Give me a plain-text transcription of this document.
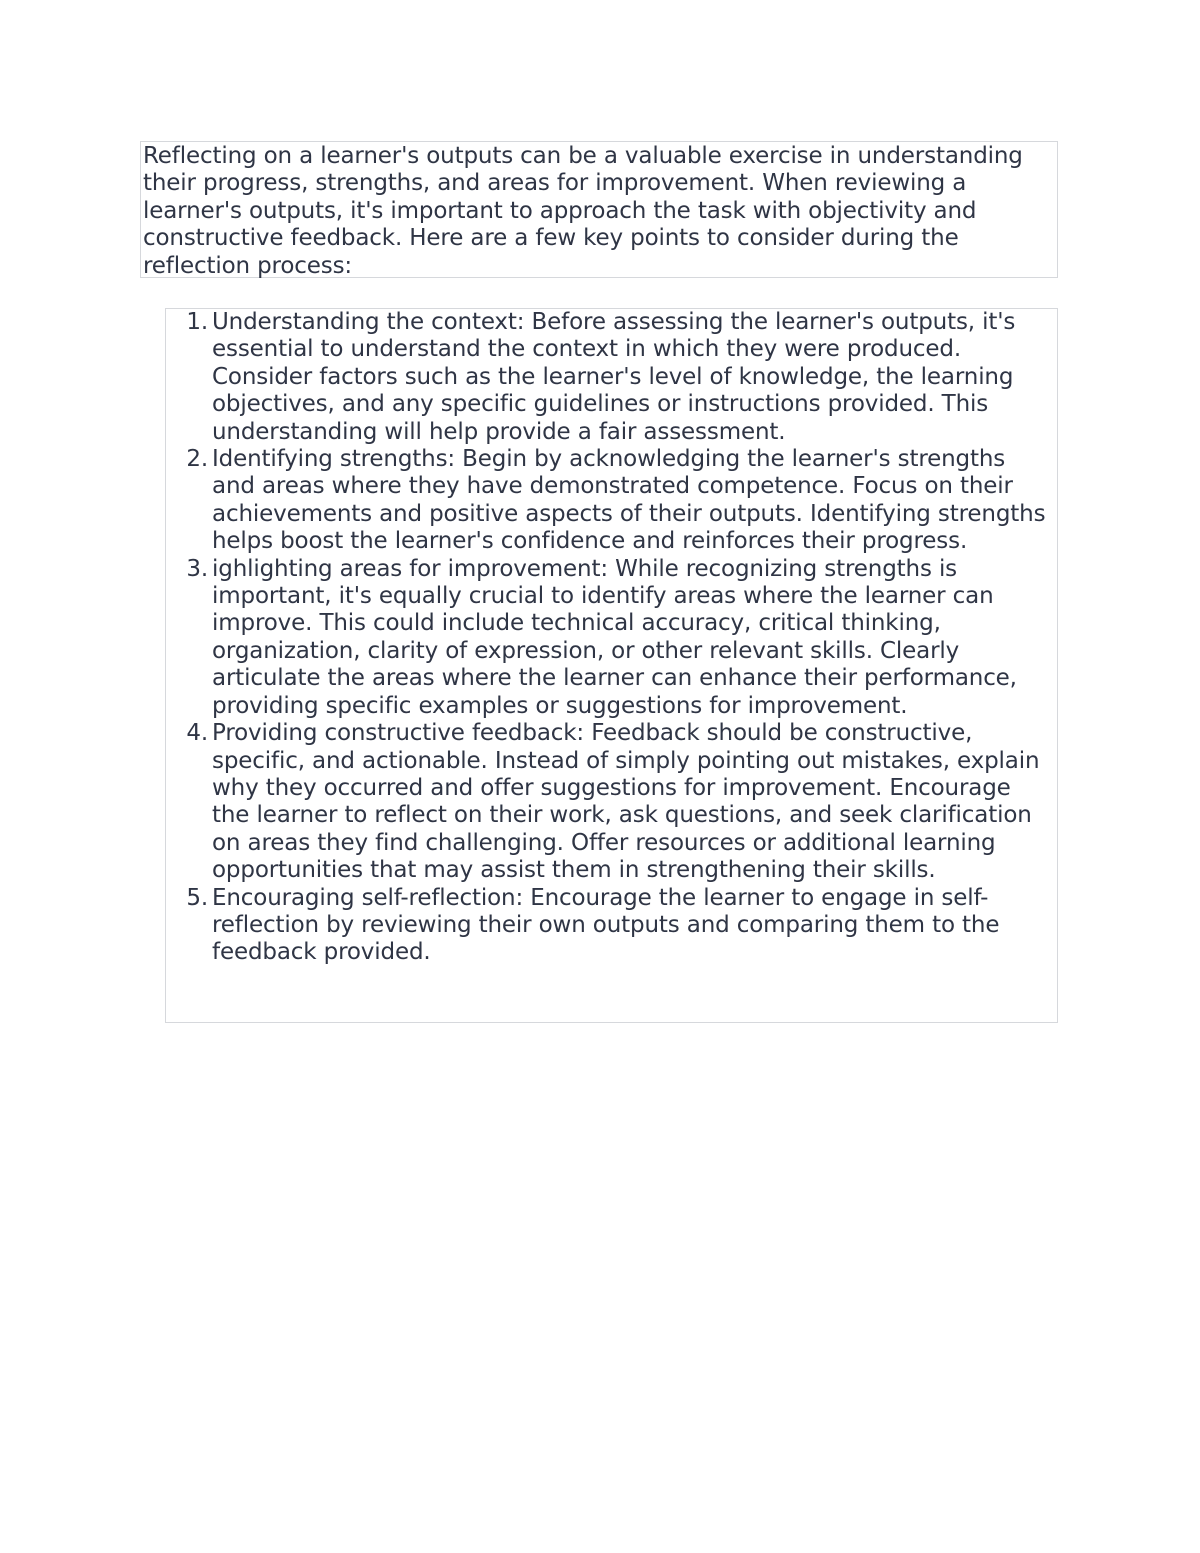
Reflecting on a learner's outputs can be a valuable exercise in understanding their progress, strengths, and areas for improvement. When reviewing a learner's outputs, it's important to approach the task with objectivity and constructive feedback. Here are a few key points to consider during the reflection process:

1. Understanding the context: Before assessing the learner's outputs, it's essential to understand the context in which they were produced. Consider factors such as the learner's level of knowledge, the learning objectives, and any specific guidelines or instructions provided. This understanding will help provide a fair assessment.
2. Identifying strengths: Begin by acknowledging the learner's strengths and areas where they have demonstrated competence. Focus on their achievements and positive aspects of their outputs. Identifying strengths helps boost the learner's confidence and reinforces their progress.
3. ighlighting areas for improvement: While recognizing strengths is important, it's equally crucial to identify areas where the learner can improve. This could include technical accuracy, critical thinking, organization, clarity of expression, or other relevant skills. Clearly articulate the areas where the learner can enhance their performance, providing specific examples or suggestions for improvement.
4. Providing constructive feedback: Feedback should be constructive, specific, and actionable. Instead of simply pointing out mistakes, explain why they occurred and offer suggestions for improvement. Encourage the learner to reflect on their work, ask questions, and seek clarification on areas they find challenging. Offer resources or additional learning opportunities that may assist them in strengthening their skills.
5. Encouraging self-reflection: Encourage the learner to engage in self-reflection by reviewing their own outputs and comparing them to the feedback provided.
